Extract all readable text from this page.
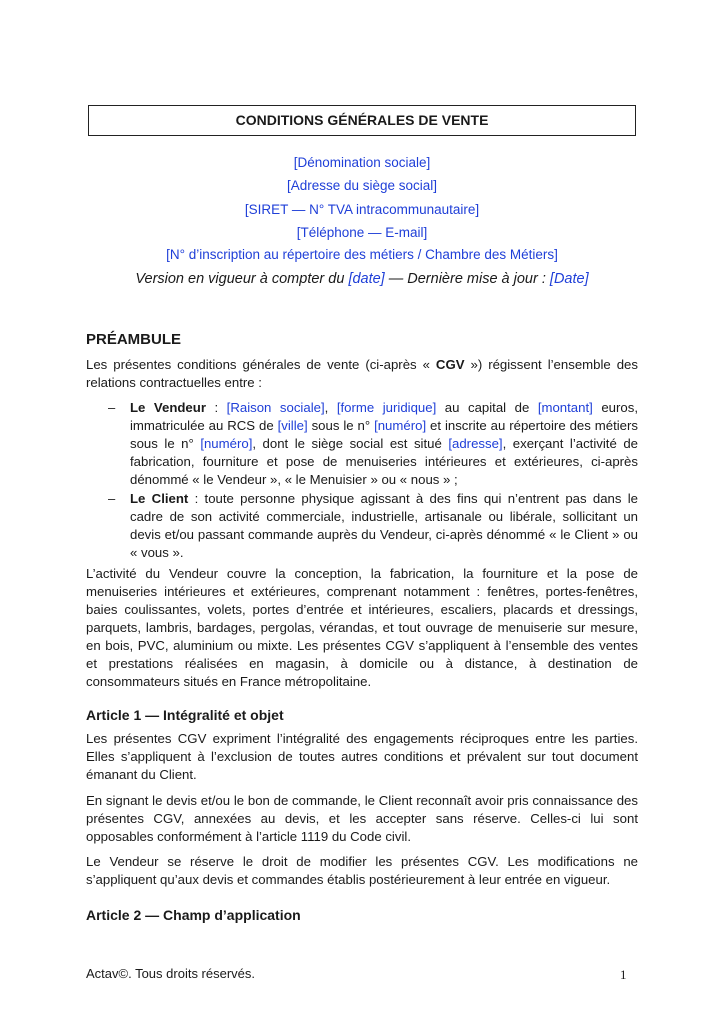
CONDITIONS GÉNÉRALES DE VENTE
[Dénomination sociale]
[Adresse du siège social]
[SIRET — N° TVA intracommunautaire]
[Téléphone — E-mail]
[N° d’inscription au répertoire des métiers / Chambre des Métiers]
Version en vigueur à compter du [date] — Dernière mise à jour : [Date]
PRÉAMBULE

Les présentes conditions générales de vente (ci-après « CGV ») régissent l’ensemble des relations contractuelles entre :

– Le Vendeur : [Raison sociale], [forme juridique] au capital de [montant] euros, immatriculée au RCS de [ville] sous le n° [numéro] et inscrite au répertoire des métiers sous le n° [numéro], dont le siège social est situé [adresse], exerçant l’activité de fabrication, fourniture et pose de menuiseries intérieures et extérieures, ci-après dénommé « le Vendeur », « le Menuisier » ou « nous » ;

– Le Client : toute personne physique agissant à des fins qui n’entrent pas dans le cadre de son activité commerciale, industrielle, artisanale ou libérale, sollicitant un devis et/ou passant commande auprès du Vendeur, ci-après dénommé « le Client » ou « vous ».

L’activité du Vendeur couvre la conception, la fabrication, la fourniture et la pose de menuiseries intérieures et extérieures, comprenant notamment : fenêtres, portes-fenêtres, baies coulissantes, volets, portes d’entrée et intérieures, escaliers, placards et dressings, parquets, lambris, bardages, pergolas, vérandas, et tout ouvrage de menuiserie sur mesure, en bois, PVC, aluminium ou mixte. Les présentes CGV s’appliquent à l’ensemble des ventes et prestations réalisées en magasin, à domicile ou à distance, à destination de consommateurs situés en France métropolitaine.

Article 1 — Intégralité et objet

Les présentes CGV expriment l’intégralité des engagements réciproques entre les parties. Elles s’appliquent à l’exclusion de toutes autres conditions et prévalent sur tout document émanant du Client.

En signant le devis et/ou le bon de commande, le Client reconnaît avoir pris connaissance des présentes CGV, annexées au devis, et les accepter sans réserve. Celles-ci lui sont opposables conformément à l’article 1119 du Code civil.

Le Vendeur se réserve le droit de modifier les présentes CGV. Les modifications ne s’appliquent qu’aux devis et commandes établis postérieurement à leur entrée en vigueur.

Article 2 — Champ d’application
Actav©. Tous droits réservés.	1
